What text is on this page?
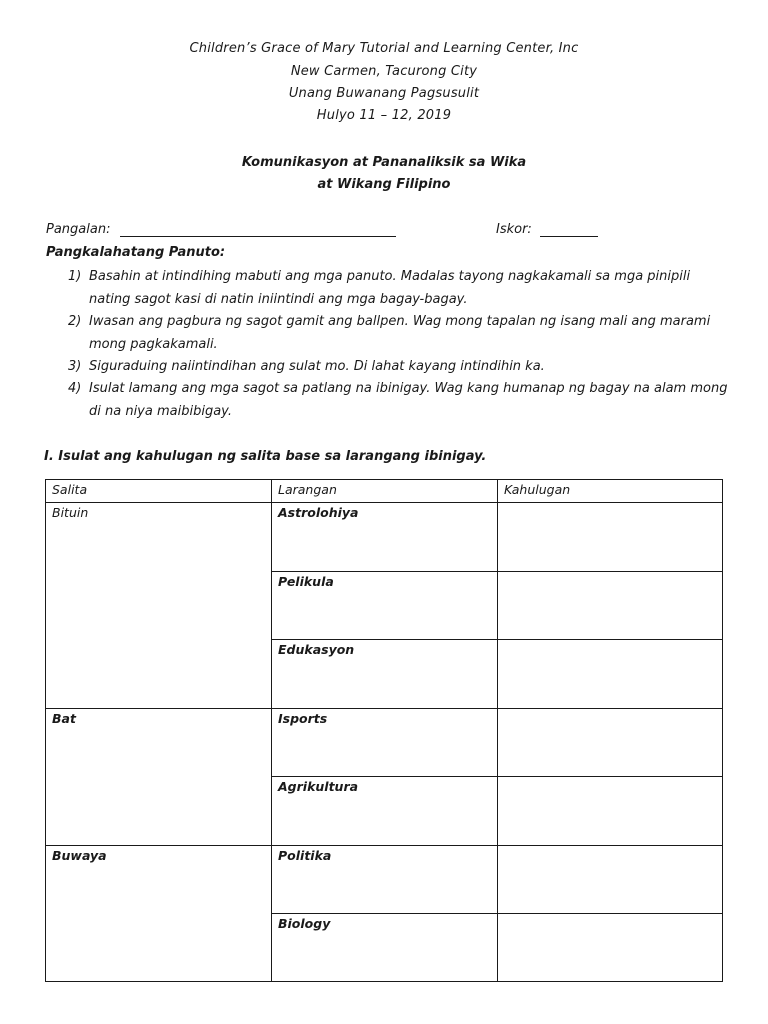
Children’s Grace of Mary Tutorial and Learning Center, Inc
New Carmen, Tacurong City
Unang Buwanang Pagsusulit
Hulyo 11 – 12, 2019
Komunikasyon at Pananaliksik sa Wika
at Wikang Filipino
Pangalan:	Iskor:
Pangkalahatang Panuto:
1) Basahin at intindihing mabuti ang mga panuto. Madalas tayong nagkakamali sa mga pinipili nating sagot kasi di natin iniintindi ang mga bagay-bagay.
2) Iwasan ang pagbura ng sagot gamit ang ballpen. Wag mong tapalan ng isang mali ang marami mong pagkakamali.
3) Siguraduing naiintindihan ang sulat mo. Di lahat kayang intindihin ka.
4) Isulat lamang ang mga sagot sa patlang na ibinigay. Wag kang humanap ng bagay na alam mong di na niya maibibigay.
I. Isulat ang kahulugan ng salita base sa larangang ibinigay.
Salita	Larangan	Kahulugan
Bituin	Astrolohiya
Pelikula
Edukasyon
Bat	Isports
Agrikultura
Buwaya	Politika
Biology
